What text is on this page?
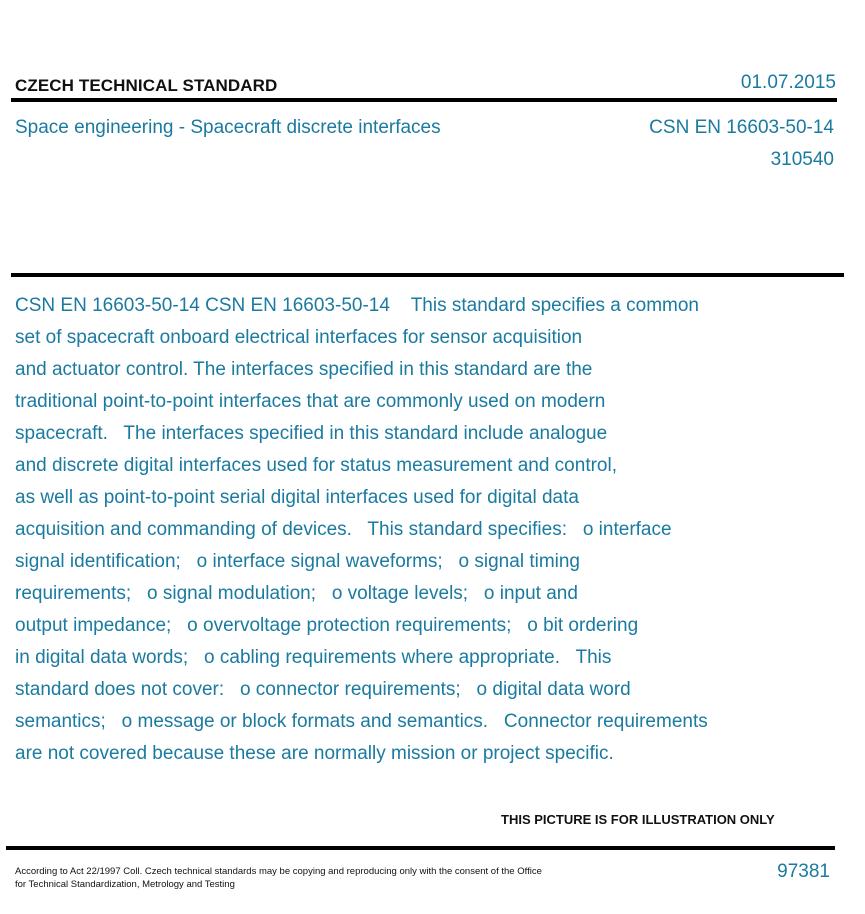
CZECH TECHNICAL STANDARD	01.07.2015
Space engineering - Spacecraft discrete interfaces	CSN EN 16603-50-14
310540
CSN EN 16603-50-14 CSN EN 16603-50-14    This standard specifies a common
set of spacecraft onboard electrical interfaces for sensor acquisition
and actuator control. The interfaces specified in this standard are the
traditional point-to-point interfaces that are commonly used on modern
spacecraft.   The interfaces specified in this standard include analogue
and discrete digital interfaces used for status measurement and control,
as well as point-to-point serial digital interfaces used for digital data
acquisition and commanding of devices.   This standard specifies:   o interface
signal identification;   o interface signal waveforms;   o signal timing
requirements;   o signal modulation;   o voltage levels;   o input and
output impedance;   o overvoltage protection requirements;   o bit ordering
in digital data words;   o cabling requirements where appropriate.   This
standard does not cover:   o connector requirements;   o digital data word
semantics;   o message or block formats and semantics.   Connector requirements
are not covered because these are normally mission or project specific.
THIS PICTURE IS FOR ILLUSTRATION ONLY
According to Act 22/1997 Coll. Czech technical standards may be copying and reproducing only with the consent of the Office
for Technical Standardization, Metrology and Testing
97381
